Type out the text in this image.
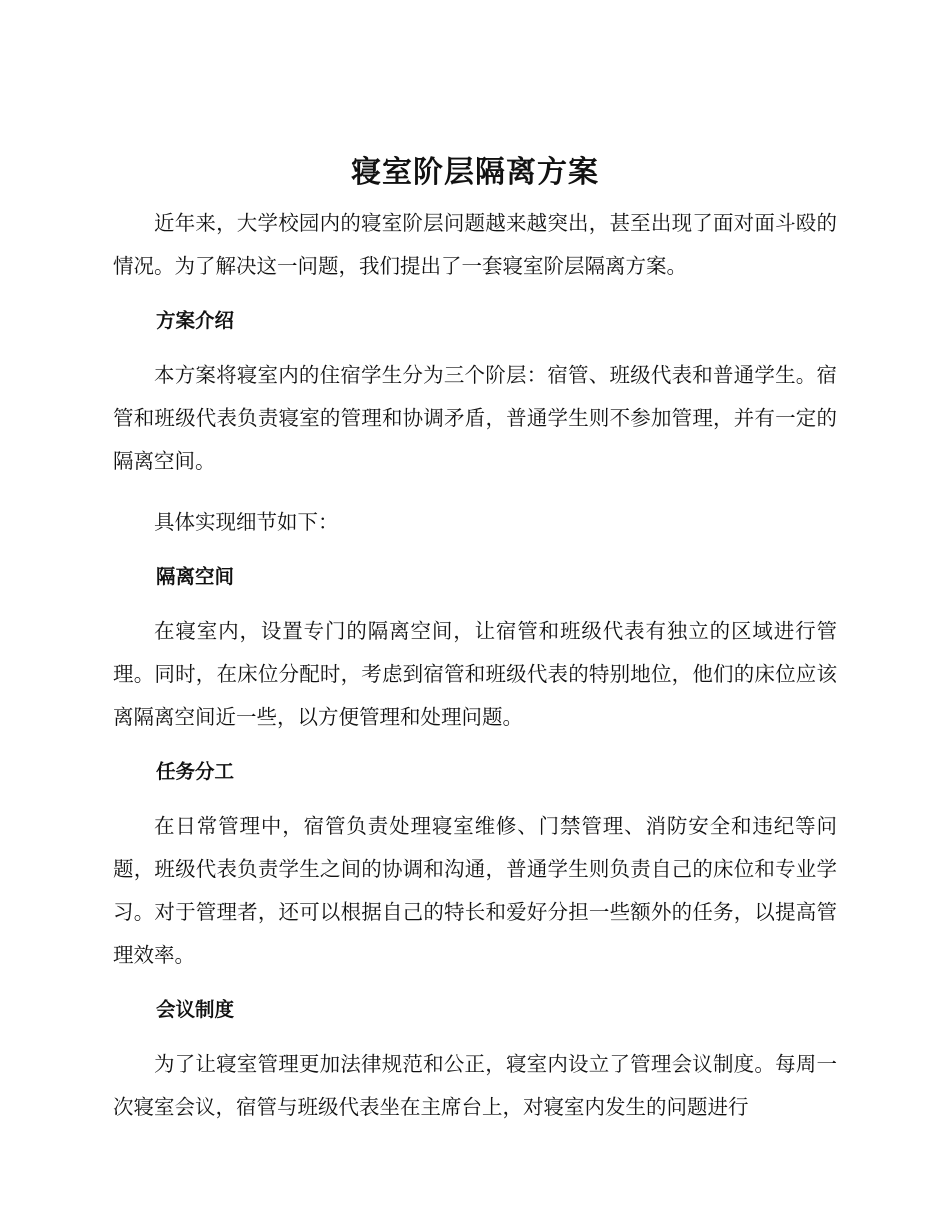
寝室阶层隔离方案

近年来，大学校园内的寝室阶层问题越来越突出，甚至出现了面对面斗殴的情况。为了解决这一问题，我们提出了一套寝室阶层隔离方案。

方案介绍

本方案将寝室内的住宿学生分为三个阶层：宿管、班级代表和普通学生。宿管和班级代表负责寝室的管理和协调矛盾，普通学生则不参加管理，并有一定的隔离空间。

具体实现细节如下：

隔离空间

在寝室内，设置专门的隔离空间，让宿管和班级代表有独立的区域进行管理。同时，在床位分配时，考虑到宿管和班级代表的特别地位，他们的床位应该离隔离空间近一些，以方便管理和处理问题。

任务分工

在日常管理中，宿管负责处理寝室维修、门禁管理、消防安全和违纪等问题，班级代表负责学生之间的协调和沟通，普通学生则负责自己的床位和专业学习。对于管理者，还可以根据自己的特长和爱好分担一些额外的任务，以提高管理效率。

会议制度

为了让寝室管理更加法律规范和公正，寝室内设立了管理会议制度。每周一次寝室会议，宿管与班级代表坐在主席台上，对寝室内发生的问题进行
